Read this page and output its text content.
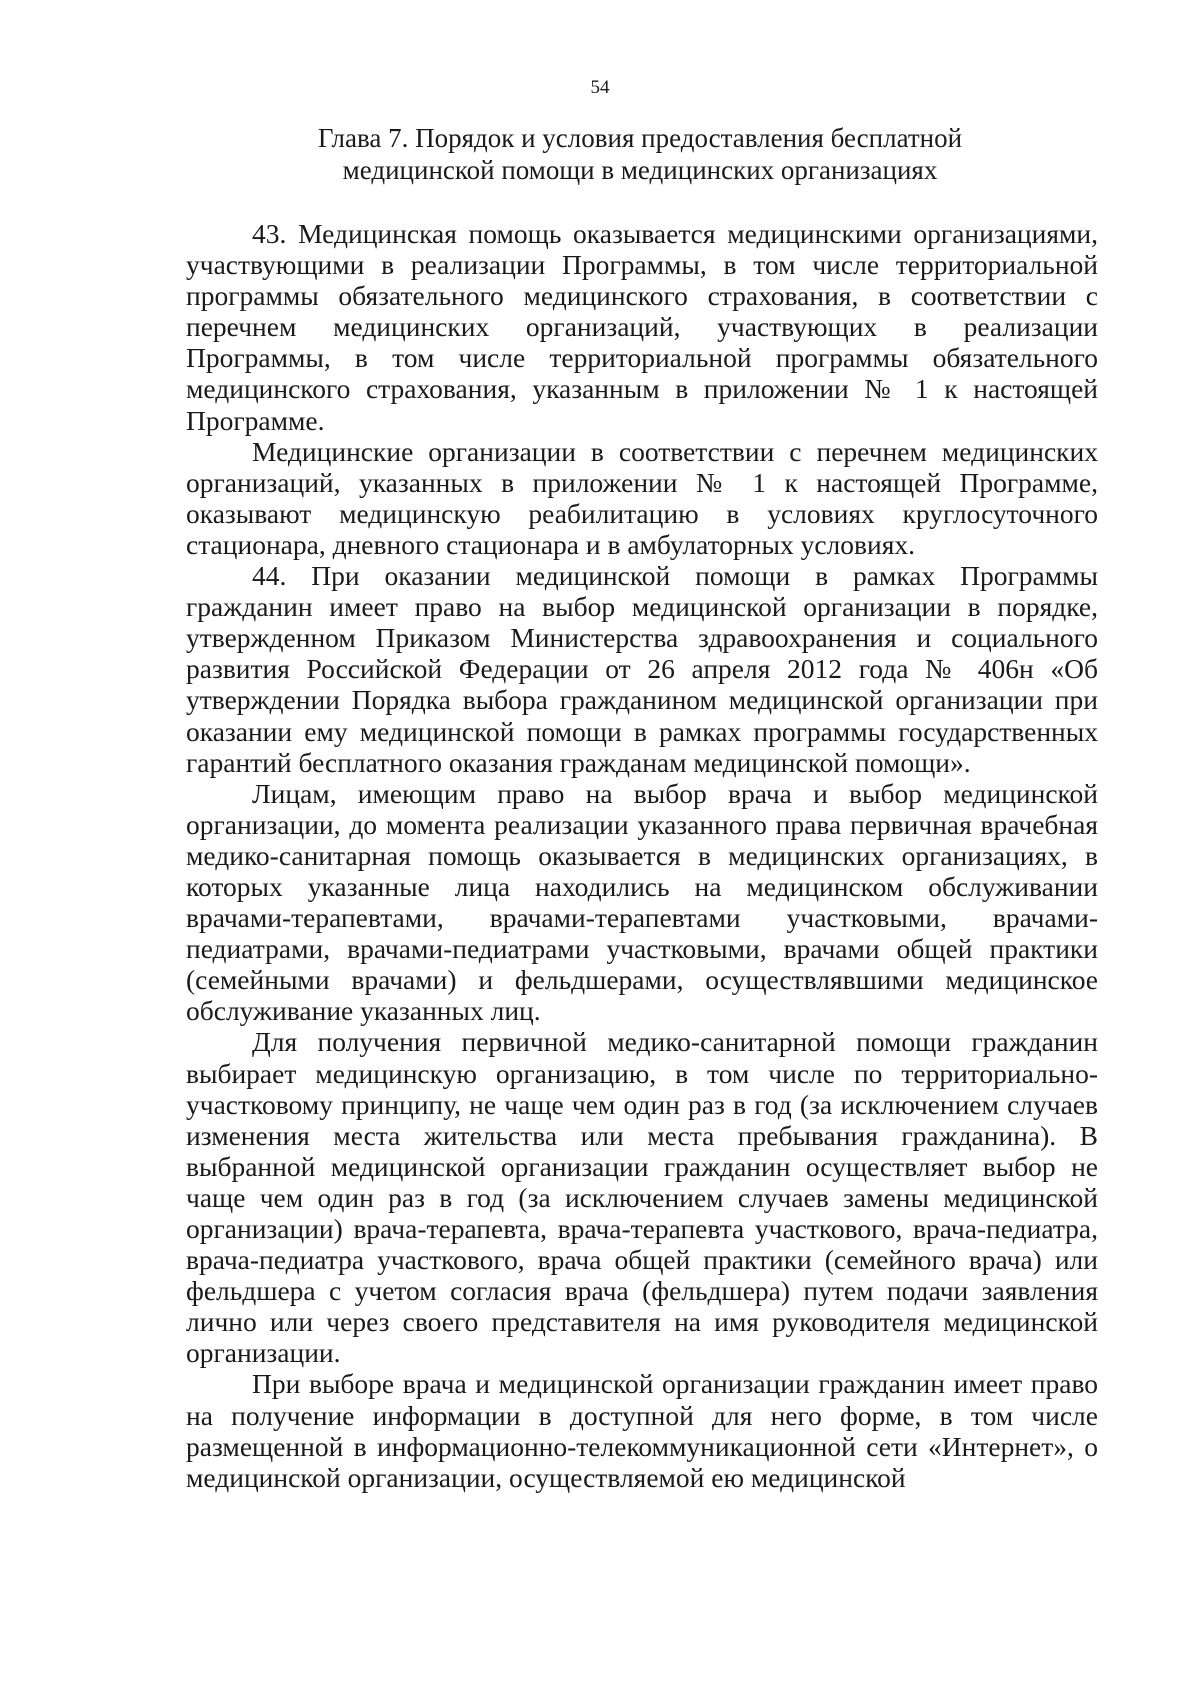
54
Глава 7. Порядок и условия предоставления бесплатной
медицинской помощи в медицинских организациях

43. Медицинская помощь оказывается медицинскими организациями, участвующими в реализации Программы, в том числе территориальной программы обязательного медицинского страхования, в соответствии с перечнем медицинских организаций, участвующих в реализации Программы, в том числе территориальной программы обязательного медицинского страхования, указанным в приложении № 1 к настоящей Программе.

Медицинские организации в соответствии с перечнем медицинских организаций, указанных в приложении № 1 к настоящей Программе, оказывают медицинскую реабилитацию в условиях круглосуточного стационара, дневного стационара и в амбулаторных условиях.

44. При оказании медицинской помощи в рамках Программы гражданин имеет право на выбор медицинской организации в порядке, утвержденном Приказом Министерства здравоохранения и социального развития Российской Федерации от 26 апреля 2012 года № 406н «Об утверждении Порядка выбора гражданином медицинской организации при оказании ему медицинской помощи в рамках программы государственных гарантий бесплатного оказания гражданам медицинской помощи».

Лицам, имеющим право на выбор врача и выбор медицинской организации, до момента реализации указанного права первичная врачебная медико-санитарная помощь оказывается в медицинских организациях, в которых указанные лица находились на медицинском обслуживании врачами-терапевтами, врачами-терапевтами участковыми, врачами-педиатрами, врачами-педиатрами участковыми, врачами общей практики (семейными врачами) и фельдшерами, осуществлявшими медицинское обслуживание указанных лиц.

Для получения первичной медико-санитарной помощи гражданин выбирает медицинскую организацию, в том числе по территориально-участковому принципу, не чаще чем один раз в год (за исключением случаев изменения места жительства или места пребывания гражданина). В выбранной медицинской организации гражданин осуществляет выбор не чаще чем один раз в год (за исключением случаев замены медицинской организации) врача-терапевта, врача-терапевта участкового, врача-педиатра, врача-педиатра участкового, врача общей практики (семейного врача) или фельдшера с учетом согласия врача (фельдшера) путем подачи заявления лично или через своего представителя на имя руководителя медицинской организации.

При выборе врача и медицинской организации гражданин имеет право на получение информации в доступной для него форме, в том числе размещенной в информационно-телекоммуникационной сети «Интернет», о медицинской организации, осуществляемой ею медицинской
